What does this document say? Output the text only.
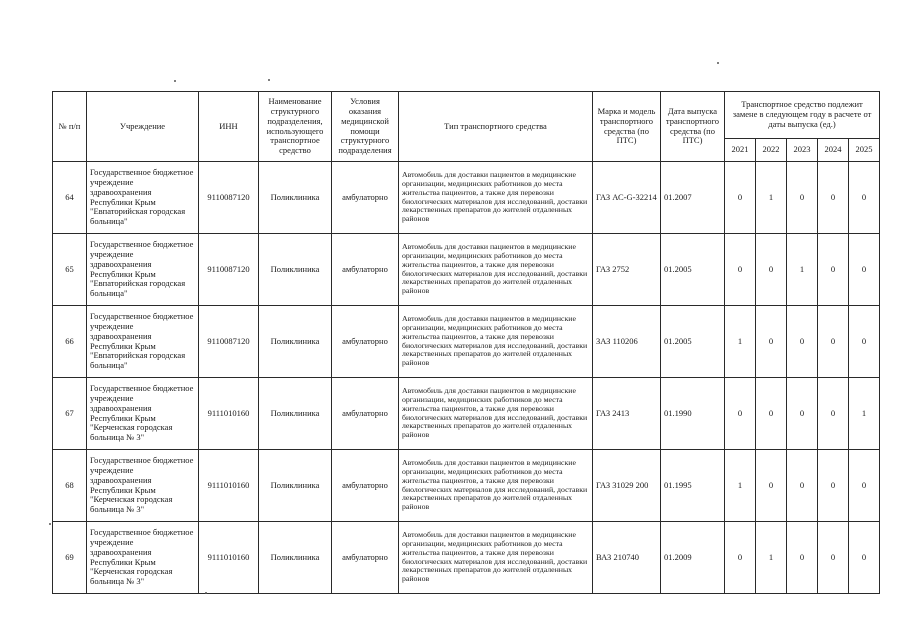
№ п/п	Учреждение	ИНН	Наименование структурного подразделения, использующего транспортное средство	Условия оказания медицинской помощи структурного подразделения	Тип транспортного средства	Марка и модель транспортного средства (по ПТС)	Дата выпуска транспортного средства (по ПТС)	Транспортное средство подлежит замене в следующем году в расчете от даты выпуска (ед.)				
								2021	2022	2023	2024	2025
64	Государственное бюджетное учреждение здравоохранения Республики Крым "Евпаторийская городская больница"	9110087120	Поликлиника	амбулаторно	Автомобиль для доставки пациентов в медицинские организации, медицинских работников до места жительства пациентов, а также для перевозки биологических материалов для исследований, доставки лекарственных препаратов до жителей отдаленных районов	ГАЗ АС-G-32214	01.2007	0	1	0	0	0
65	Государственное бюджетное учреждение здравоохранения Республики Крым "Евпаторийская городская больница"	9110087120	Поликлиника	амбулаторно	Автомобиль для доставки пациентов в медицинские организации, медицинских работников до места жительства пациентов, а также для перевозки биологических материалов для исследований, доставки лекарственных препаратов до жителей отдаленных районов	ГАЗ 2752	01.2005	0	0	1	0	0
66	Государственное бюджетное учреждение здравоохранения Республики Крым "Евпаторийская городская больница"	9110087120	Поликлиника	амбулаторно	Автомобиль для доставки пациентов в медицинские организации, медицинских работников до места жительства пациентов, а также для перевозки биологических материалов для исследований, доставки лекарственных препаратов до жителей отдаленных районов	ЗАЗ 110206	01.2005	1	0	0	0	0
67	Государственное бюджетное учреждение здравоохранения Республики Крым "Керченская городская больница № 3"	9111010160	Поликлиника	амбулаторно	Автомобиль для доставки пациентов в медицинские организации, медицинских работников до места жительства пациентов, а также для перевозки биологических материалов для исследований, доставки лекарственных препаратов до жителей отдаленных районов	ГАЗ 2413	01.1990	0	0	0	0	1
68	Государственное бюджетное учреждение здравоохранения Республики Крым "Керченская городская больница № 3"	9111010160	Поликлиника	амбулаторно	Автомобиль для доставки пациентов в медицинские организации, медицинских работников до места жительства пациентов, а также для перевозки биологических материалов для исследований, доставки лекарственных препаратов до жителей отдаленных районов	ГАЗ 31029 200	01.1995	1	0	0	0	0
69	Государственное бюджетное учреждение здравоохранения Республики Крым "Керченская городская больница № 3"	9111010160	Поликлиника	амбулаторно	Автомобиль для доставки пациентов в медицинские организации, медицинских работников до места жительства пациентов, а также для перевозки биологических материалов для исследований, доставки лекарственных препаратов до жителей отдаленных районов	ВАЗ 210740	01.2009	0	1	0	0	0
